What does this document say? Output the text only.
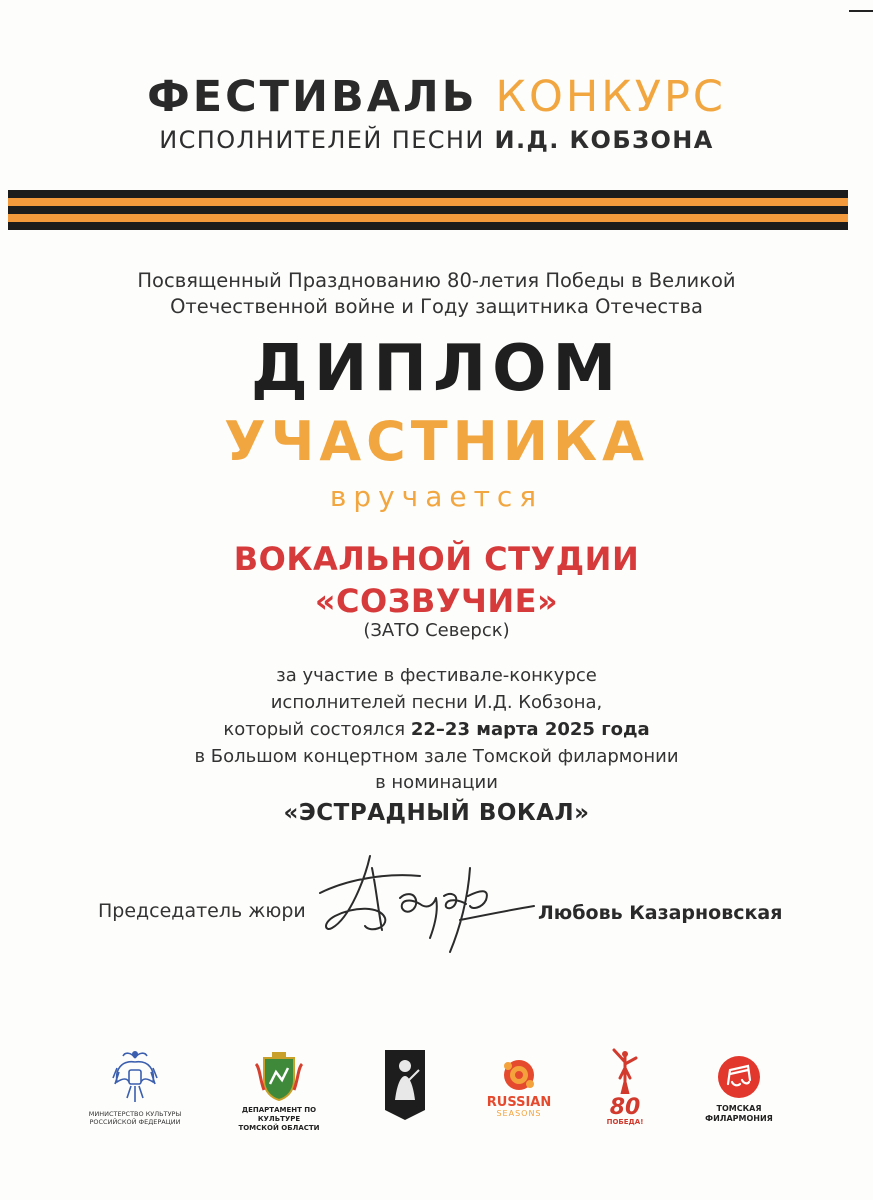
ФЕСТИВАЛЬ КОНКУРС
ИСПОЛНИТЕЛЕЙ ПЕСНИ И.Д. КОБЗОНА
Посвященный Празднованию 80-летия Победы в Великой
Отечественной войне и Году защитника Отечества
ДИПЛОМ
УЧАСТНИКА
вручается
ВОКАЛЬНОЙ СТУДИИ
«СОЗВУЧИЕ»
(ЗАТО Северск)
за участие в фестивале-конкурсе
исполнителей песни И.Д. Кобзона,
который состоялся 22–23 марта 2025 года
в Большом концертном зале Томской филармонии
в номинации
«ЭСТРАДНЫЙ ВОКАЛ»
Председатель жюри	Любовь Казарновская
МИНИСТЕРСТВО КУЛЬТУРЫ
РОССИЙСКОЙ ФЕДЕРАЦИИ
ДЕПАРТАМЕНТ ПО КУЛЬТУРЕ
ТОМСКОЙ ОБЛАСТИ
RUSSIAN
SEASONS	80
ПОБЕДА!
ТОМСКАЯ
ФИЛАРМОНИЯ
